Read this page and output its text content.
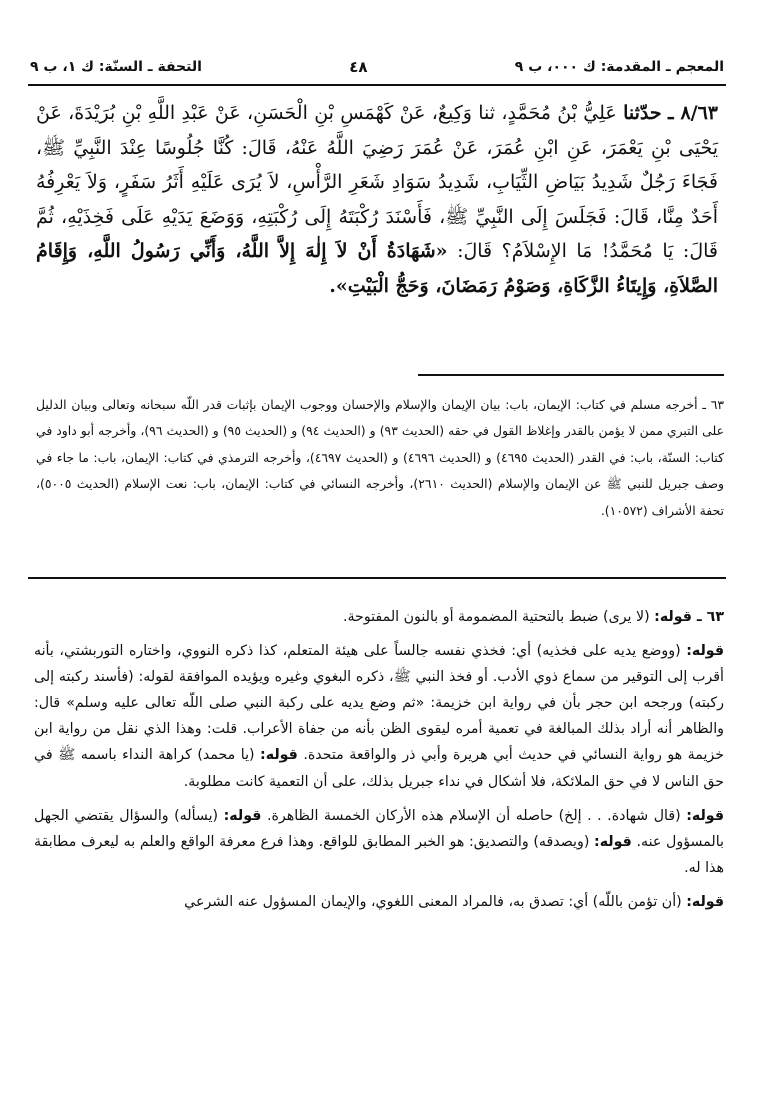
المعجم ـ المقدمة: ك ٠٠٠، ب ٩
٤٨
التحفة ـ السنّة: ك ١، ب ٩
٨/٦٣ ـ حدّثنا عَلِيُّ بْنُ مُحَمَّدٍ، ثنا وَكِيعٌ، عَنْ كَهْمَسِ بْنِ الْحَسَنِ، عَنْ عَبْدِ اللَّهِ بْنِ بُرَيْدَةَ، عَنْ يَحْيَى بْنِ يَعْمَرَ، عَنِ ابْنِ عُمَرَ، عَنْ عُمَرَ رَضِيَ اللَّهُ عَنْهُ، قَالَ: كُنَّا جُلُوسًا عِنْدَ النَّبِيِّ ﷺ، فَجَاءَ رَجُلٌ شَدِيدُ بَيَاضِ الثِّيَابِ، شَدِيدُ سَوَادِ شَعَرِ الرَّأْسِ، لاَ يُرَى عَلَيْهِ أَثَرُ سَفَرٍ، وَلاَ يَعْرِفُهُ أَحَدٌ مِنَّا، قَالَ: فَجَلَسَ إِلَى النَّبِيِّ ﷺ، فَأَسْنَدَ رُكْبَتَهُ إِلَى رُكْبَتِهِ، وَوَضَعَ يَدَيْهِ عَلَى فَخِذَيْهِ، ثُمَّ قَالَ: يَا مُحَمَّدُ! مَا الإِسْلاَمُ؟ قَالَ: «شَهَادَةُ أَنْ لاَ إِلٰهَ إِلاَّ اللَّهُ، وَأَنِّي رَسُولُ اللَّهِ، وَإِقَامُ الصَّلاَةِ، وَإِيتَاءُ الزَّكَاةِ، وَصَوْمُ رَمَضَانَ، وَحَجُّ الْبَيْتِ».
٦٣ ـ أخرجه مسلم في كتاب: الإيمان، باب: بيان الإيمان والإسلام والإحسان ووجوب الإيمان بإثبات قدر اللّه سبحانه وتعالى وبيان الدليل على التبري ممن لا يؤمن بالقدر وإغلاظ القول في حقه (الحديث ٩٣) و (الحديث ٩٤) و (الحديث ٩٥) و (الحديث ٩٦)، وأخرجه أبو داود في كتاب: السنّة، باب: في القدر (الحديث ٤٦٩٥) و (الحديث ٤٦٩٦) و (الحديث ٤٦٩٧)، وأخرجه الترمذي في كتاب: الإيمان، باب: ما جاء في وصف جبريل للنبي ﷺ عن الإيمان والإسلام (الحديث ٢٦١٠)، وأخرجه النسائي في كتاب: الإيمان، باب: نعت الإسلام (الحديث ٥٠٠٥)، تحفة الأشراف (١٠٥٧٢).

٦٣ ـ قوله: (لا يرى) ضبط بالتحتية المضمومة أو بالنون المفتوحة.

قوله: (ووضع يديه على فخذيه) أي: فخذي نفسه جالساً على هيئة المتعلم، كذا ذكره النووي، واختاره التوربشتي، بأنه أقرب إلى التوقير من سماع ذوي الأدب. أو فخذ النبي ﷺ، ذكره البغوي وغيره ويؤيده الموافقة لقوله: (فأسند ركبته إلى ركبته) ورجحه ابن حجر بأن في رواية ابن خزيمة: «ثم وضع يديه على ركبة النبي صلى اللّه تعالى عليه وسلم» قال: والظاهر أنه أراد بذلك المبالغة في تعمية أمره ليقوى الظن بأنه من جفاة الأعراب. قلت: وهذا الذي نقل من رواية ابن خزيمة هو رواية النسائي في حديث أبي هريرة وأبي ذر والواقعة متحدة. قوله: (يا محمد) كراهة النداء باسمه ﷺ في حق الناس لا في حق الملائكة، فلا أشكال في نداء جبريل بذلك، على أن التعمية كانت مطلوبة.

قوله: (قال شهادة. . . إلخ) حاصله أن الإسلام هذه الأركان الخمسة الظاهرة. قوله: (يسأله) والسؤال يقتضي الجهل بالمسؤول عنه. قوله: (ويصدقه) والتصديق: هو الخبر المطابق للواقع. وهذا فرع معرفة الواقع والعلم به ليعرف مطابقة هذا له.

قوله: (أن تؤمن باللّه) أي: تصدق به، فالمراد المعنى اللغوي، والإيمان المسؤول عنه الشرعي
